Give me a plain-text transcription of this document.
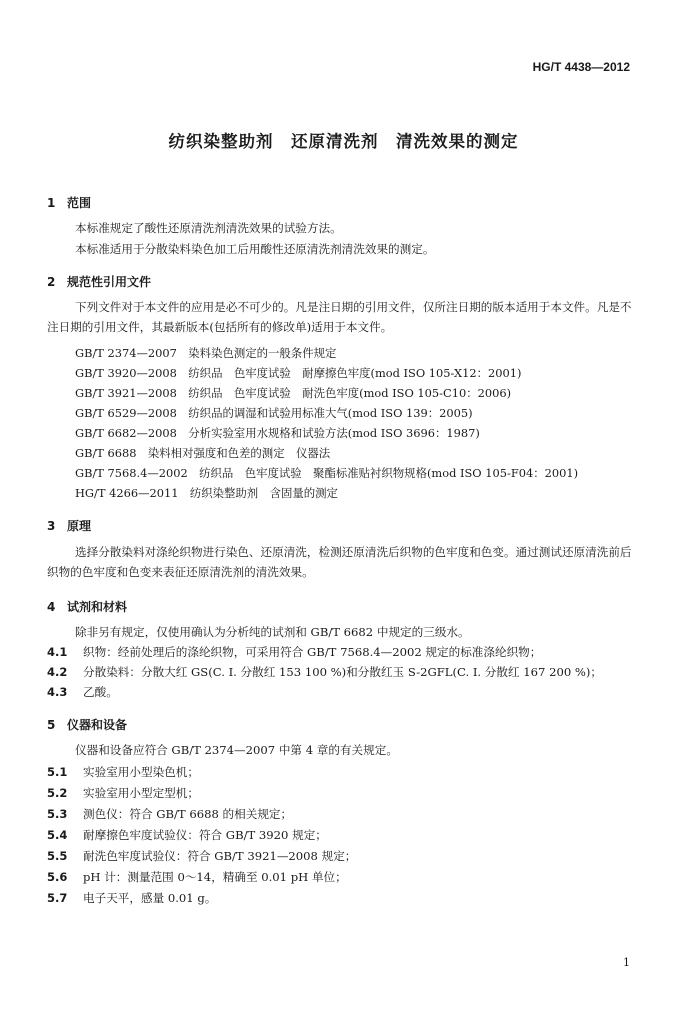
HG/T 4438—2012
纺织染整助剂　还原清洗剂　清洗效果的测定
1 范围
本标准规定了酸性还原清洗剂清洗效果的试验方法。
本标准适用于分散染料染色加工后用酸性还原清洗剂清洗效果的测定。
2 规范性引用文件
下列文件对于本文件的应用是必不可少的。凡是注日期的引用文件，仅所注日期的版本适用于本文件。凡是不注日期的引用文件，其最新版本(包括所有的修改单)适用于本文件。
GB/T 2374—2007　染料染色测定的一般条件规定
GB/T 3920—2008　纺织品　色牢度试验　耐摩擦色牢度(mod ISO 105-X12：2001)
GB/T 3921—2008　纺织品　色牢度试验　耐洗色牢度(mod ISO 105-C10：2006)
GB/T 6529—2008　纺织品的调湿和试验用标准大气(mod ISO 139：2005)
GB/T 6682—2008　分析实验室用水规格和试验方法(mod ISO 3696：1987)
GB/T 6688　染料相对强度和色差的测定　仪器法
GB/T 7568.4—2002　纺织品　色牢度试验　聚酯标准贴衬织物规格(mod ISO 105-F04：2001)
HG/T 4266—2011　纺织染整助剂　含固量的测定
3 原理
选择分散染料对涤纶织物进行染色、还原清洗，检测还原清洗后织物的色牢度和色变。通过测试还原清洗前后织物的色牢度和色变来表征还原清洗剂的清洗效果。
4 试剂和材料
除非另有规定，仅使用确认为分析纯的试剂和 GB/T 6682 中规定的三级水。
4.1 织物：经前处理后的涤纶织物，可采用符合 GB/T 7568.4—2002 规定的标准涤纶织物；
4.2 分散染料：分散大红 GS(C. I. 分散红 153 100 %)和分散红玉 S-2GFL(C. I. 分散红 167 200 %)；
4.3 乙酸。
5 仪器和设备
仪器和设备应符合 GB/T 2374—2007 中第 4 章的有关规定。
5.1 实验室用小型染色机；
5.2 实验室用小型定型机；
5.3 测色仪：符合 GB/T 6688 的相关规定；
5.4 耐摩擦色牢度试验仪：符合 GB/T 3920 规定；
5.5 耐洗色牢度试验仪：符合 GB/T 3921—2008 规定；
5.6 pH 计：测量范围 0～14，精确至 0.01 pH 单位；
5.7 电子天平，感量 0.01 g。
1
